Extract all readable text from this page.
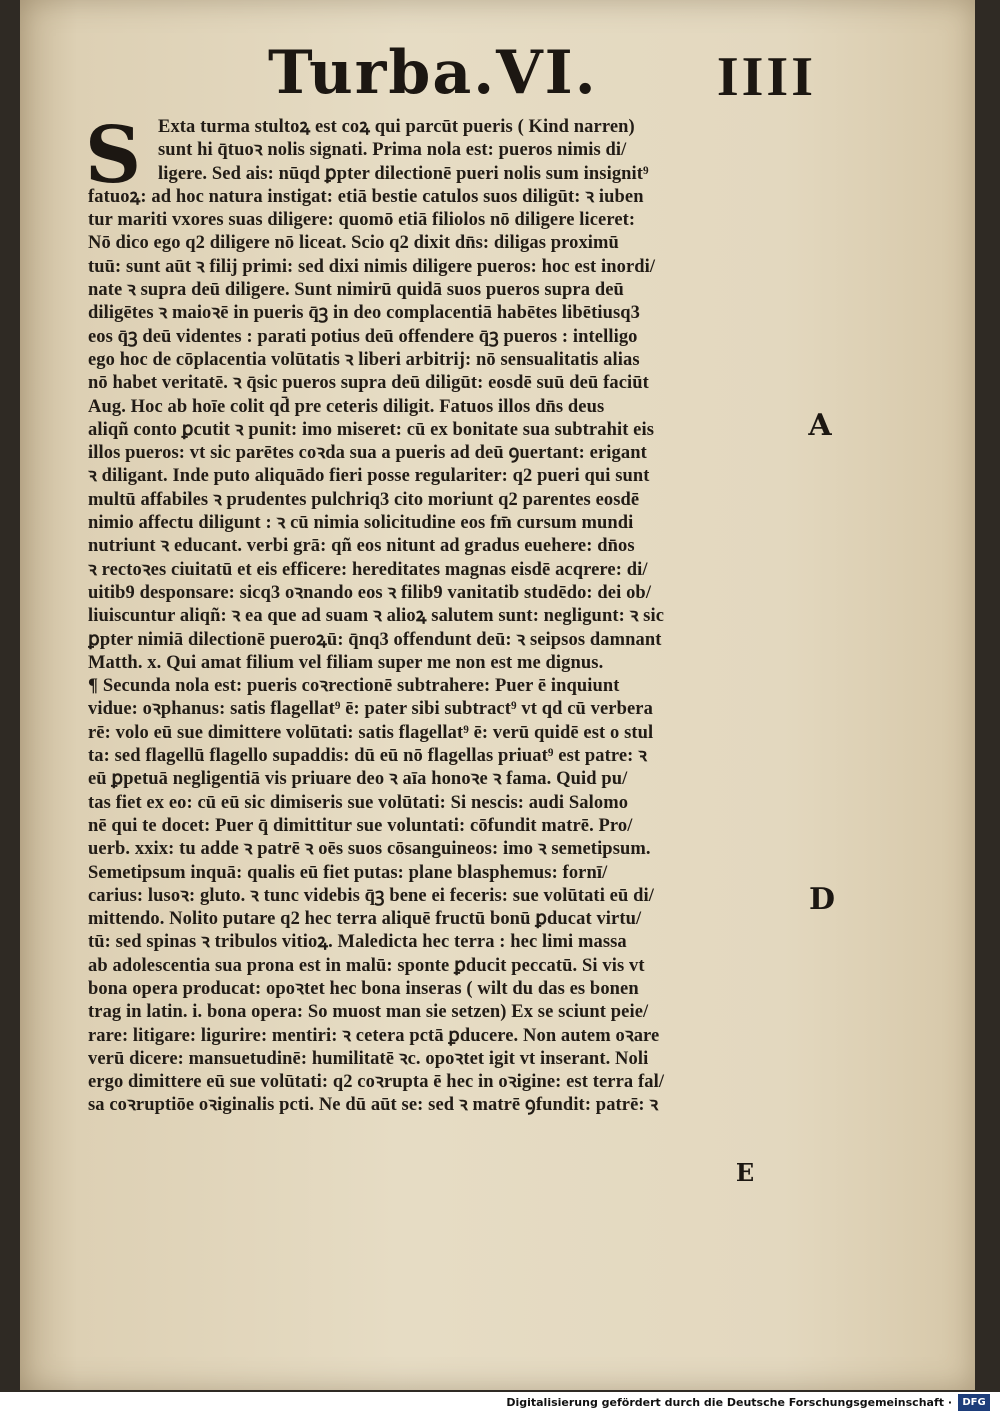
Turba.VI.	IIII
S Exta turma stultoꝝ est coꝝ qui parcūt pueris ( Kind narren)
sunt hi q̄tuoꝛ nolis signati. Prima nola est: pueros nimis di/
ligere. Sed ais: nūqd ꝑpter dilectionē pueri nolis sum insignit⁹
fatuoꝝ: ad hoc natura instigat: etiā bestie catulos suos diligūt: ꝛ iuben
tur mariti vxores suas diligere: quomō etiā filiolos nō diligere liceret:
Nō dico ego q2 diligere nō liceat. Scio q2 dixit dn̄s: diligas proximū
tuū: sunt aūt ꝛ filij primi: sed dixi nimis diligere pueros: hoc est inordi/
nate ꝛ supra deū diligere. Sunt nimirū quidā suos pueros supra deū
diligētes ꝛ maioꝛē in pueris q̄ꝫ in deo complacentiā habētes libētiusq3
eos q̄ꝫ deū videntes : parati potius deū offendere q̄ꝫ pueros : intelligo
ego hoc de cōplacentia volūtatis ꝛ liberi arbitrij: nō sensualitatis alias
nō habet veritatē. ꝛ q̄sic pueros supra deū diligūt: eosdē suū deū faciūt
Aug. Hoc ab hoīe colit qd̄ pre ceteris diligit. Fatuos illos dn̄s deus
aliqñ conto ꝑcutit ꝛ punit: imo miseret: cū ex bonitate sua subtrahit eis
illos pueros: vt sic parētes coꝛda sua a pueris ad deū ꝯuertant: erigant
ꝛ diligant. Inde puto aliquādo fieri posse regulariter: q2 pueri qui sunt
multū affabiles ꝛ prudentes pulchriq3 cito moriunt q2 parentes eosdē
nimio affectu diligunt : ꝛ cū nimia solicitudine eos fm̄ cursum mundi
nutriunt ꝛ educant. verbi grā: qñ eos nitunt ad gradus euehere: dn̄os
ꝛ rectoꝛes ciuitatū et eis efficere: hereditates magnas eisdē acqrere: di/
uitib9 desponsare: sicq3 oꝛnando eos ꝛ filib9 vanitatib studēdo: dei ob/
liuiscuntur aliqñ: ꝛ ea que ad suam ꝛ alioꝝ salutem sunt: negligunt: ꝛ sic
ꝑpter nimiā dilectionē pueroꝝū: q̄nq3 offendunt deū: ꝛ seipsos damnant
Matth. x. Qui amat filium vel filiam super me non est me dignus.
¶ Secunda nola est: pueris coꝛrectionē subtrahere: Puer ē inquiunt
vidue: oꝛphanus: satis flagellat⁹ ē: pater sibi subtract⁹ vt qd cū verbera
rē: volo eū sue dimittere volūtati: satis flagellat⁹ ē: verū quidē est o stul
ta: sed flagellū flagello supaddis: dū eū nō flagellas priuat⁹ est patre: ꝛ
eū ꝑpetuā negligentiā vis priuare deo ꝛ aīa honoꝛe ꝛ fama. Quid pu/
tas fiet ex eo: cū eū sic dimiseris sue volūtati: Si nescis: audi Salomo
nē qui te docet: Puer q̄ dimittitur sue voluntati: cōfundit matrē. Pro/
uerb. xxix: tu adde ꝛ patrē ꝛ oēs suos cōsanguineos: imo ꝛ semetipsum.
Semetipsum inquā: qualis eū fiet putas: plane blasphemus: fornī/
carius: lusoꝛ: gluto. ꝛ tunc videbis q̄ꝫ bene ei feceris: sue volūtati eū di/
mittendo. Nolito putare q2 hec terra aliquē fructū bonū ꝑducat virtu/
tū: sed spinas ꝛ tribulos vitioꝝ. Maledicta hec terra : hec limi massa
ab adolescentia sua prona est in malū: sponte ꝑducit peccatū. Si vis vt
bona opera producat: opoꝛtet hec bona inseras ( wilt du das es bonen
trag in latin. i. bona opera: So muost man sie setzen) Ex se sciunt peie/
rare: litigare: ligurire: mentiri: ꝛ cetera pctā ꝑducere. Non autem oꝛare
verū dicere: mansuetudinē: humilitatē ꝛc. opoꝛtet igit vt inserant. Noli
ergo dimittere eū sue volūtati: q2 coꝛrupta ē hec in oꝛigine: est terra fal/
sa coꝛruptiōe oꝛiginalis pcti. Ne dū aūt se: sed ꝛ matrē ꝯfundit: patrē: ꝛ
A
D
E
Digitalisierung gefördert durch die Deutsche Forschungsgemeinschaft ·	DFG
